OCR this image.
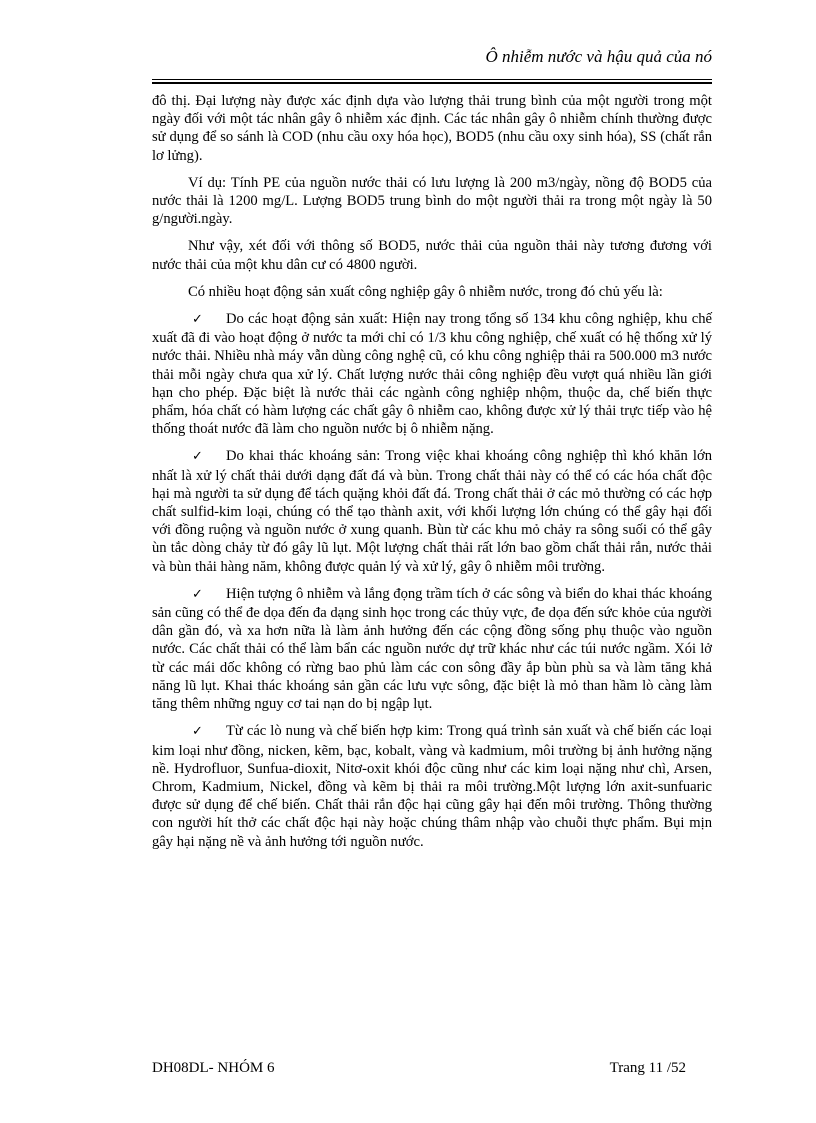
Ô nhiễm nước và hậu quả của nó

đô thị. Đại lượng này được xác định dựa vào lượng thải trung bình của một người trong một ngày đối với một tác nhân gây ô nhiễm xác định. Các tác nhân gây ô nhiễm chính thường được sử dụng để so sánh là COD (nhu cầu oxy hóa học), BOD5 (nhu cầu oxy sinh hóa), SS (chất rắn lơ lửng).

Ví dụ: Tính PE của nguồn nước thải có lưu lượng là 200 m3/ngày, nồng độ BOD5 của nước thải là 1200 mg/L. Lượng BOD5 trung bình do một người thải ra trong một ngày là 50 g/người.ngày.

Như vậy, xét đối với thông số BOD5, nước thải của nguồn thải này tương đương với nước thải của một khu dân cư có 4800 người.

Có nhiều hoạt động sản xuất công nghiệp gây ô nhiễm nước, trong đó chủ yếu là:

✓ Do các hoạt động sản xuất: Hiện nay trong tổng số 134 khu công nghiệp, khu chế xuất đã đi vào hoạt động ở nước ta mới chỉ có 1/3 khu công nghiệp, chế xuất có hệ thống xử lý nước thải. Nhiều nhà máy vẫn dùng công nghệ cũ, có khu công nghiệp thải ra 500.000 m3 nước thải mỗi ngày chưa qua xử lý. Chất lượng nước thải công nghiệp đều vượt quá nhiều lần giới hạn cho phép. Đặc biệt là nước thải các ngành công nghiệp nhộm, thuộc da, chế biến thực phẩm, hóa chất có hàm lượng các chất gây ô nhiễm cao, không được xử lý thải trực tiếp vào hệ thống thoát nước đã làm cho nguồn nước bị ô nhiễm nặng.

✓ Do khai thác khoáng sản: Trong việc khai khoáng công nghiệp thì khó khăn lớn nhất là xử lý chất thải dưới dạng đất đá và bùn. Trong chất thải này có thể có các hóa chất độc hại mà người ta sử dụng để tách quặng khỏi đất đá. Trong chất thải ở các mỏ thường có các hợp chất sulfid-kim loại, chúng có thể tạo thành axit, với khối lượng lớn chúng có thể gây hại đối với đồng ruộng và nguồn nước ở xung quanh. Bùn từ các khu mỏ chảy ra sông suối có thể gây ùn tắc dòng chảy từ đó gây lũ lụt. Một lượng chất thải rất lớn bao gồm chất thải rắn, nước thải và bùn thải hàng năm, không được quản lý và xử lý, gây ô nhiễm môi trường.

✓ Hiện tượng ô nhiễm và lắng đọng trầm tích ở các sông và biển do khai thác khoáng sản cũng có thể đe dọa đến đa dạng sinh học trong các thủy vực, đe dọa đến sức khỏe của người dân gần đó, và xa hơn nữa là làm ảnh hưởng đến các cộng đồng sống phụ thuộc vào nguồn nước. Các chất thải có thể làm bẩn các nguồn nước dự trữ khác như các túi nước ngầm. Xói lở từ các mái dốc không có rừng bao phủ làm các con sông đầy ắp bùn phù sa và làm tăng khả năng lũ lụt. Khai thác khoáng sản gần các lưu vực sông, đặc biệt là mỏ than hầm lò càng làm tăng thêm những nguy cơ tai nạn do bị ngập lụt.

✓ Từ các lò nung và chế biến hợp kim: Trong quá trình sản xuất và chế biến các loại kim loại như đồng, nicken, kẽm, bạc, kobalt, vàng và kadmium, môi trường bị ảnh hưởng nặng nề. Hydrofluor, Sunfua-dioxit, Nitơ-oxit khói độc cũng như các kim loại nặng như chì, Arsen, Chrom, Kadmium, Nickel, đồng và kẽm bị thải ra môi trường.Một lượng lớn axit-sunfuaric được sử dụng để chế biến. Chất thải rắn độc hại cũng gây hại đến môi trường. Thông thường con người hít thở các chất độc hại này hoặc chúng thâm nhập vào chuỗi thực phẩm. Bụi mịn gây hại nặng nề và ảnh hưởng tới nguồn nước.

DH08DL- NHÓM 6	Trang 11 /52
